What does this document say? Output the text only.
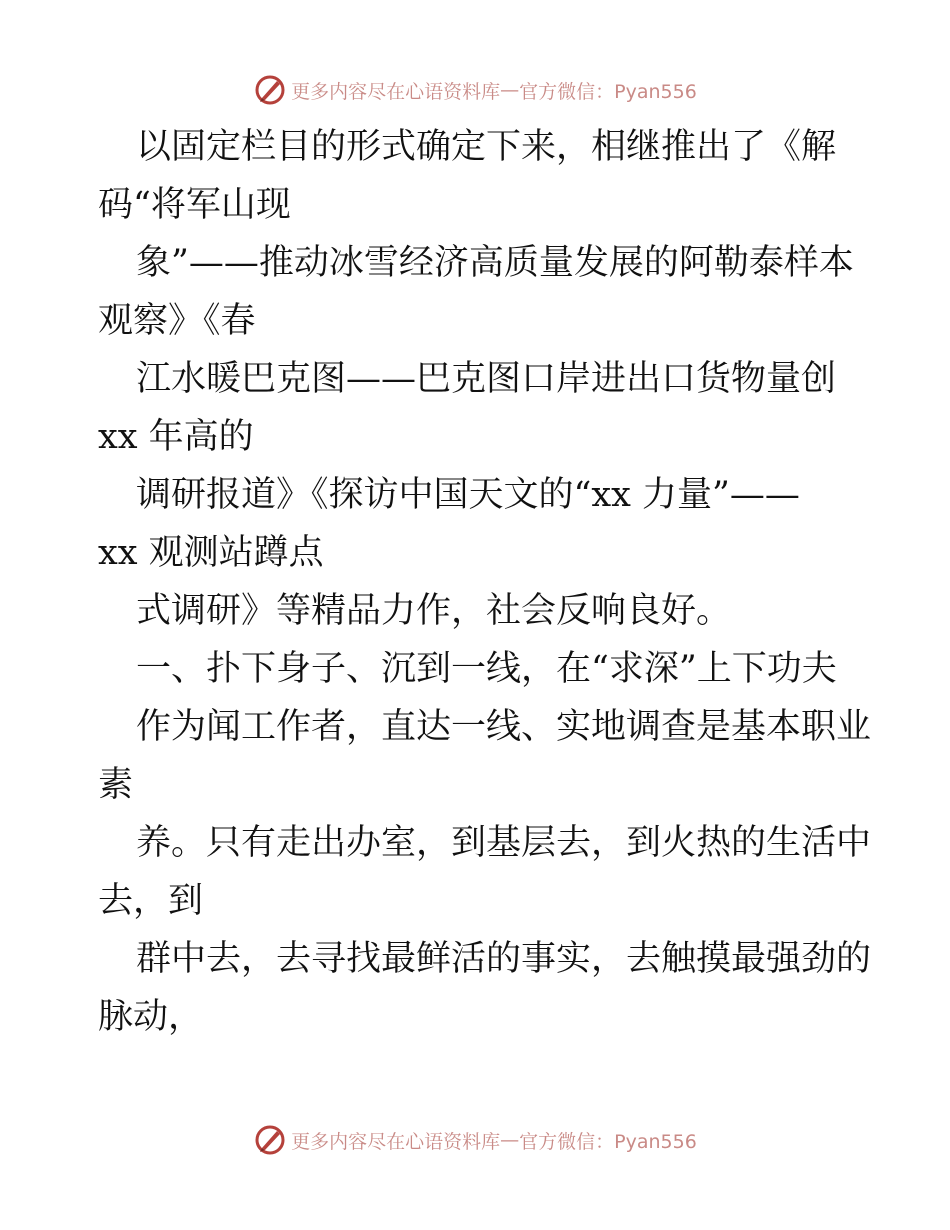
更多内容尽在心语资料库 — 官方微信：Pyan556
以固定栏目的形式确定下来，相继推出了《解
码“将军山现
象”——推动冰雪经济高质量发展的阿勒泰样本
观察》《春
江水暖巴克图——巴克图口岸进出口货物量创
xx 年高的
调研报道》《探访中国天文的“xx 力量”——
xx 观测站蹲点
式调研》等精品力作，社会反响良好。
一、扑下身子、沉到一线，在“求深”上下功夫
作为闻工作者，直达一线、实地调查是基本职业
素
养。只有走出办室，到基层去，到火热的生活中
去，到
群中去，去寻找最鲜活的事实，去触摸最强劲的
脉动，
更多内容尽在心语资料库 — 官方微信：Pyan556
